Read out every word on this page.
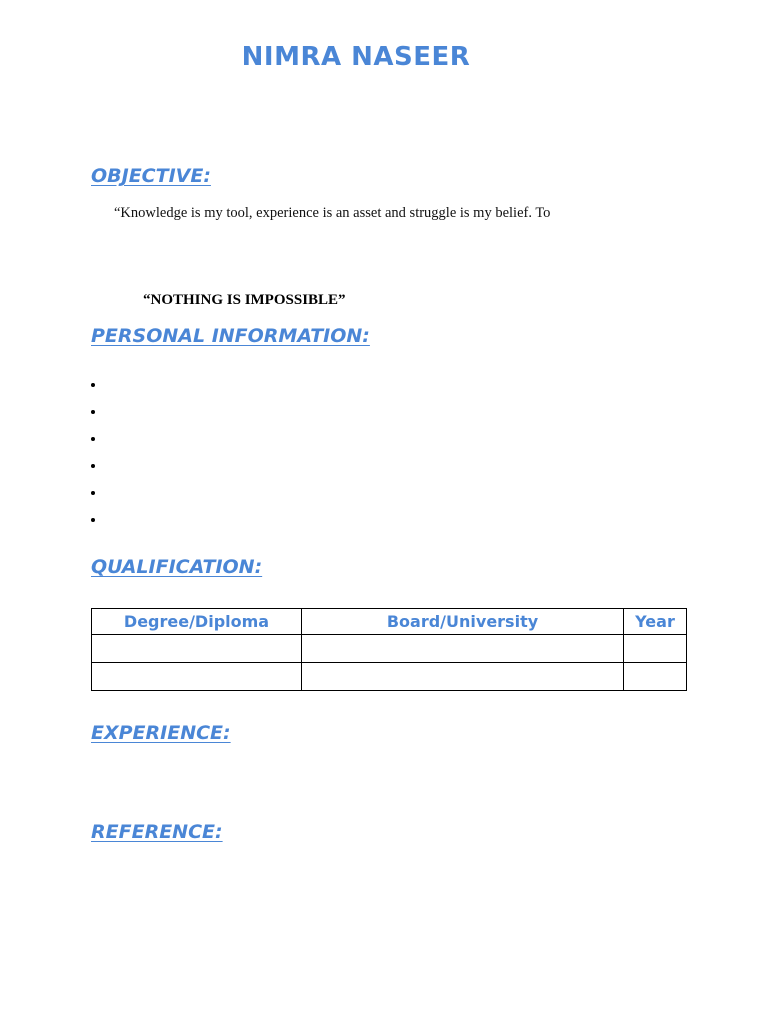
NIMRA NASEER
OBJECTIVE:

“Knowledge is my tool, experience is an asset and struggle is my belief. To

“NOTHING IS IMPOSSIBLE”

PERSONAL INFORMATION:
QUALIFICATION:
Degree/Diploma	Board/University	Year

EXPERIENCE:
REFERENCE:
